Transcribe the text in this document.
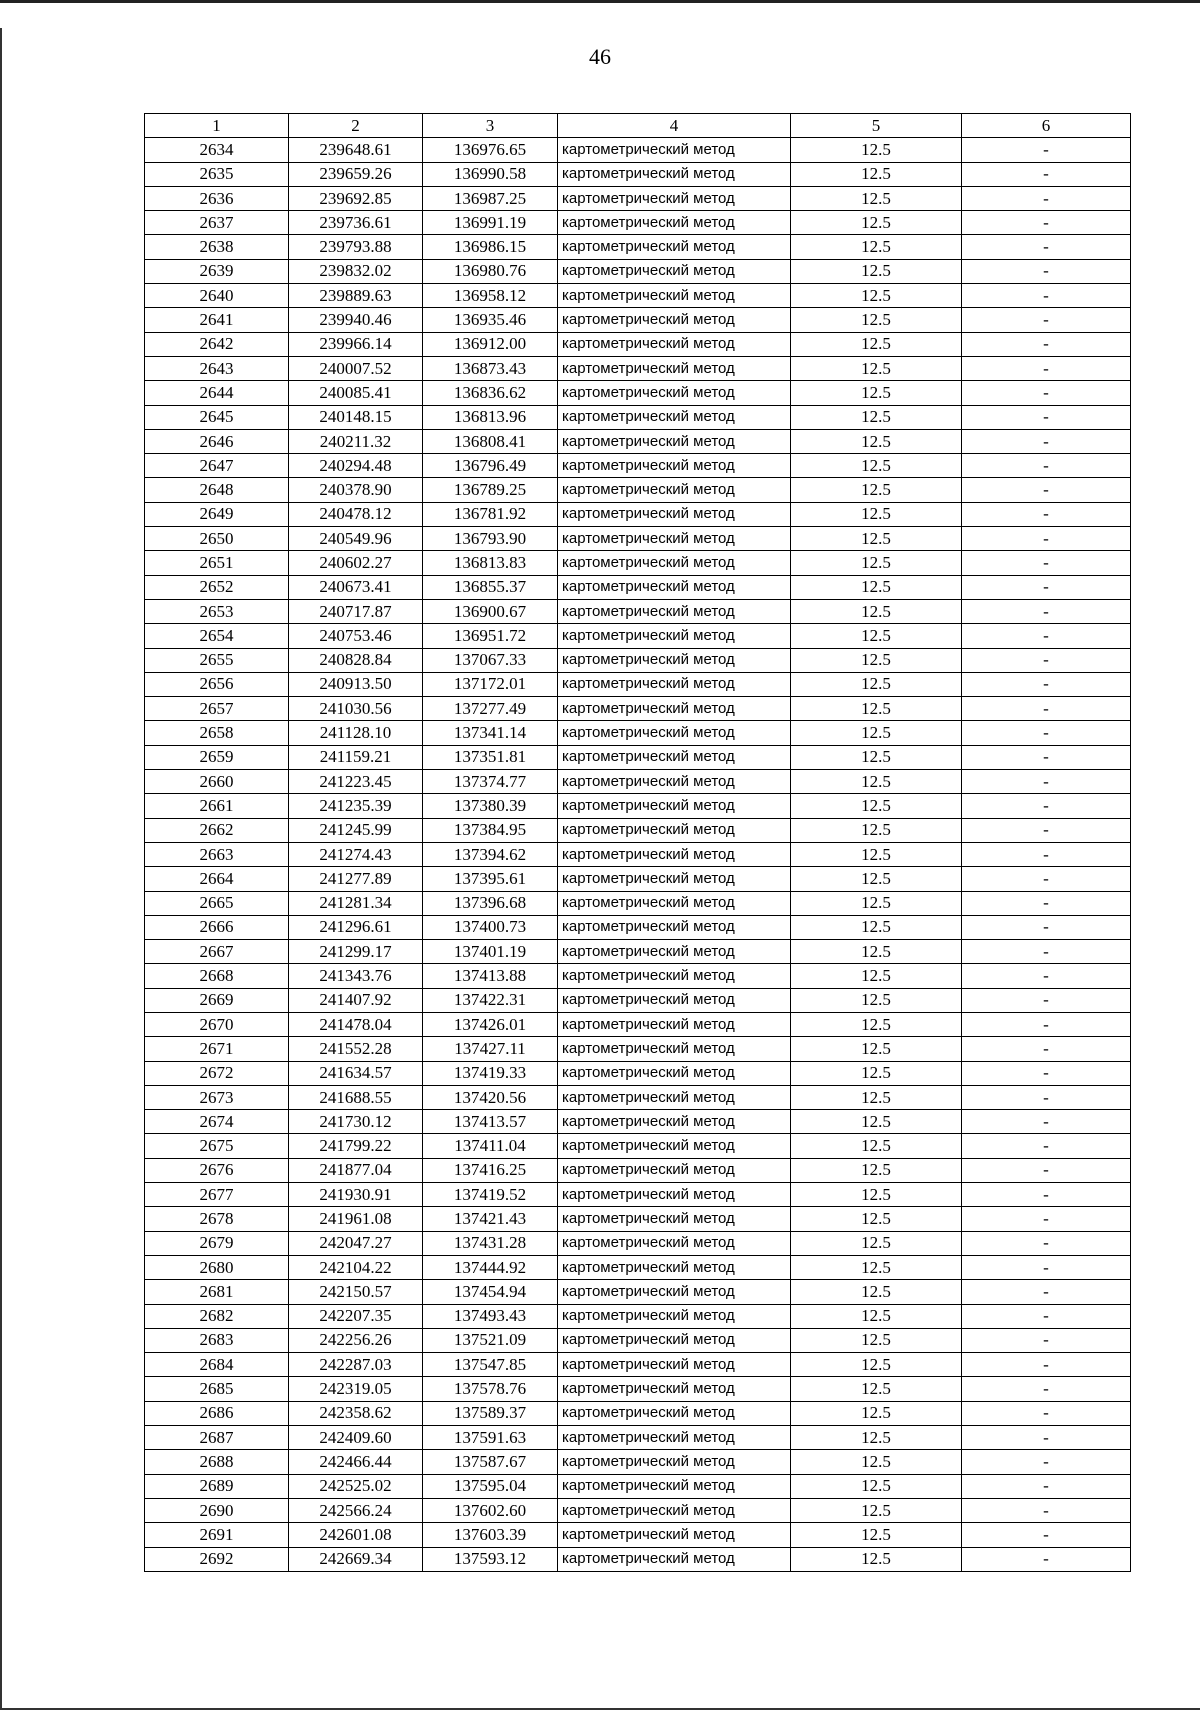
46
1	2	3	4	5	6
2634	239648.61	136976.65	картометрический метод	12.5	-
2635	239659.26	136990.58	картометрический метод	12.5	-
2636	239692.85	136987.25	картометрический метод	12.5	-
2637	239736.61	136991.19	картометрический метод	12.5	-
2638	239793.88	136986.15	картометрический метод	12.5	-
2639	239832.02	136980.76	картометрический метод	12.5	-
2640	239889.63	136958.12	картометрический метод	12.5	-
2641	239940.46	136935.46	картометрический метод	12.5	-
2642	239966.14	136912.00	картометрический метод	12.5	-
2643	240007.52	136873.43	картометрический метод	12.5	-
2644	240085.41	136836.62	картометрический метод	12.5	-
2645	240148.15	136813.96	картометрический метод	12.5	-
2646	240211.32	136808.41	картометрический метод	12.5	-
2647	240294.48	136796.49	картометрический метод	12.5	-
2648	240378.90	136789.25	картометрический метод	12.5	-
2649	240478.12	136781.92	картометрический метод	12.5	-
2650	240549.96	136793.90	картометрический метод	12.5	-
2651	240602.27	136813.83	картометрический метод	12.5	-
2652	240673.41	136855.37	картометрический метод	12.5	-
2653	240717.87	136900.67	картометрический метод	12.5	-
2654	240753.46	136951.72	картометрический метод	12.5	-
2655	240828.84	137067.33	картометрический метод	12.5	-
2656	240913.50	137172.01	картометрический метод	12.5	-
2657	241030.56	137277.49	картометрический метод	12.5	-
2658	241128.10	137341.14	картометрический метод	12.5	-
2659	241159.21	137351.81	картометрический метод	12.5	-
2660	241223.45	137374.77	картометрический метод	12.5	-
2661	241235.39	137380.39	картометрический метод	12.5	-
2662	241245.99	137384.95	картометрический метод	12.5	-
2663	241274.43	137394.62	картометрический метод	12.5	-
2664	241277.89	137395.61	картометрический метод	12.5	-
2665	241281.34	137396.68	картометрический метод	12.5	-
2666	241296.61	137400.73	картометрический метод	12.5	-
2667	241299.17	137401.19	картометрический метод	12.5	-
2668	241343.76	137413.88	картометрический метод	12.5	-
2669	241407.92	137422.31	картометрический метод	12.5	-
2670	241478.04	137426.01	картометрический метод	12.5	-
2671	241552.28	137427.11	картометрический метод	12.5	-
2672	241634.57	137419.33	картометрический метод	12.5	-
2673	241688.55	137420.56	картометрический метод	12.5	-
2674	241730.12	137413.57	картометрический метод	12.5	-
2675	241799.22	137411.04	картометрический метод	12.5	-
2676	241877.04	137416.25	картометрический метод	12.5	-
2677	241930.91	137419.52	картометрический метод	12.5	-
2678	241961.08	137421.43	картометрический метод	12.5	-
2679	242047.27	137431.28	картометрический метод	12.5	-
2680	242104.22	137444.92	картометрический метод	12.5	-
2681	242150.57	137454.94	картометрический метод	12.5	-
2682	242207.35	137493.43	картометрический метод	12.5	-
2683	242256.26	137521.09	картометрический метод	12.5	-
2684	242287.03	137547.85	картометрический метод	12.5	-
2685	242319.05	137578.76	картометрический метод	12.5	-
2686	242358.62	137589.37	картометрический метод	12.5	-
2687	242409.60	137591.63	картометрический метод	12.5	-
2688	242466.44	137587.67	картометрический метод	12.5	-
2689	242525.02	137595.04	картометрический метод	12.5	-
2690	242566.24	137602.60	картометрический метод	12.5	-
2691	242601.08	137603.39	картометрический метод	12.5	-
2692	242669.34	137593.12	картометрический метод	12.5	-
